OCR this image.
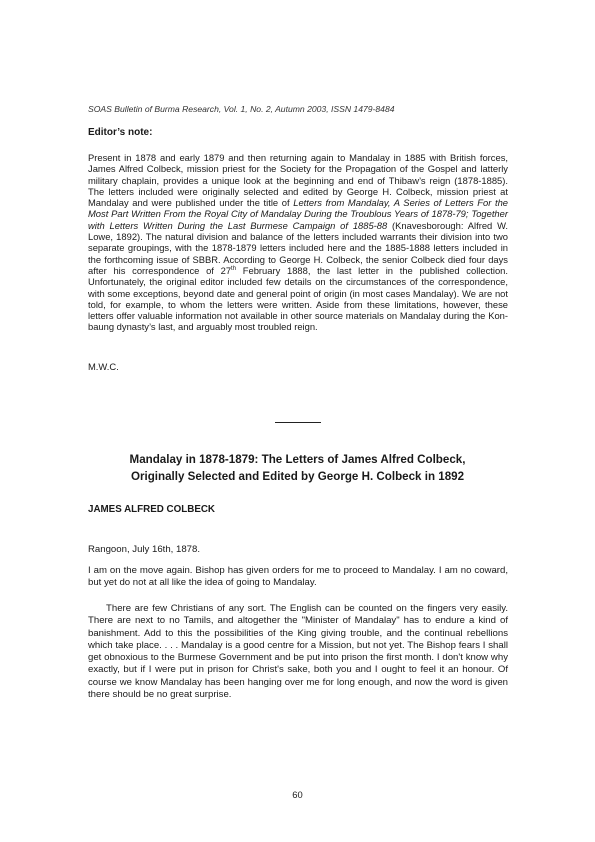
SOAS Bulletin of Burma Research, Vol. 1, No. 2, Autumn 2003, ISSN 1479-8484
Editor’s note:

Present in 1878 and early 1879 and then returning again to Mandalay in 1885 with British forces, James Alfred Colbeck, mission priest for the Society for the Propagation of the Gospel and latterly military chaplain, provides a unique look at the beginning and end of Thibaw’s reign (1878-1885). The letters included were originally selected and edited by George H. Colbeck, mission priest at Mandalay and were published under the title of Letters from Mandalay, A Series of Letters For the Most Part Written From the Royal City of Mandalay During the Troublous Years of 1878-79; Together with Letters Written During the Last Burmese Campaign of 1885-88 (Knavesborough: Alfred W. Lowe, 1892). The natural division and balance of the letters included warrants their division into two separate groupings, with the 1878-1879 letters included here and the 1885-1888 letters included in the forthcoming issue of SBBR. According to George H. Colbeck, the senior Colbeck died four days after his correspondence of 27th February 1888, the last letter in the published collection. Unfortunately, the original editor included few details on the circumstances of the correspondence, with some exceptions, beyond date and general point of origin (in most cases Mandalay). We are not told, for example, to whom the letters were written. Aside from these limitations, however, these letters offer valuable information not available in other source materials on Mandalay during the Kon-baung dynasty’s last, and arguably most troubled reign.

M.W.C.
Mandalay in 1878-1879: The Letters of James Alfred Colbeck,
Originally Selected and Edited by George H. Colbeck in 1892
JAMES ALFRED COLBECK
Rangoon, July 16th, 1878.

I am on the move again. Bishop has given orders for me to proceed to Mandalay. I am no coward, but yet do not at all like the idea of going to Mandalay.

There are few Christians of any sort. The English can be counted on the fingers very easily. There are next to no Tamils, and altogether the "Minister of Mandalay" has to endure a kind of banishment. Add to this the possibilities of the King giving trouble, and the continual rebellions which take place. . . . Mandalay is a good centre for a Mission, but not yet. The Bishop fears I shall get obnoxious to the Burmese Government and be put into prison the first month. I don't know why exactly, but if I were put in prison for Christ's sake, both you and I ought to feel it an honour. Of course we know Mandalay has been hanging over me for long enough, and now the word is given there should be no great surprise.

60
